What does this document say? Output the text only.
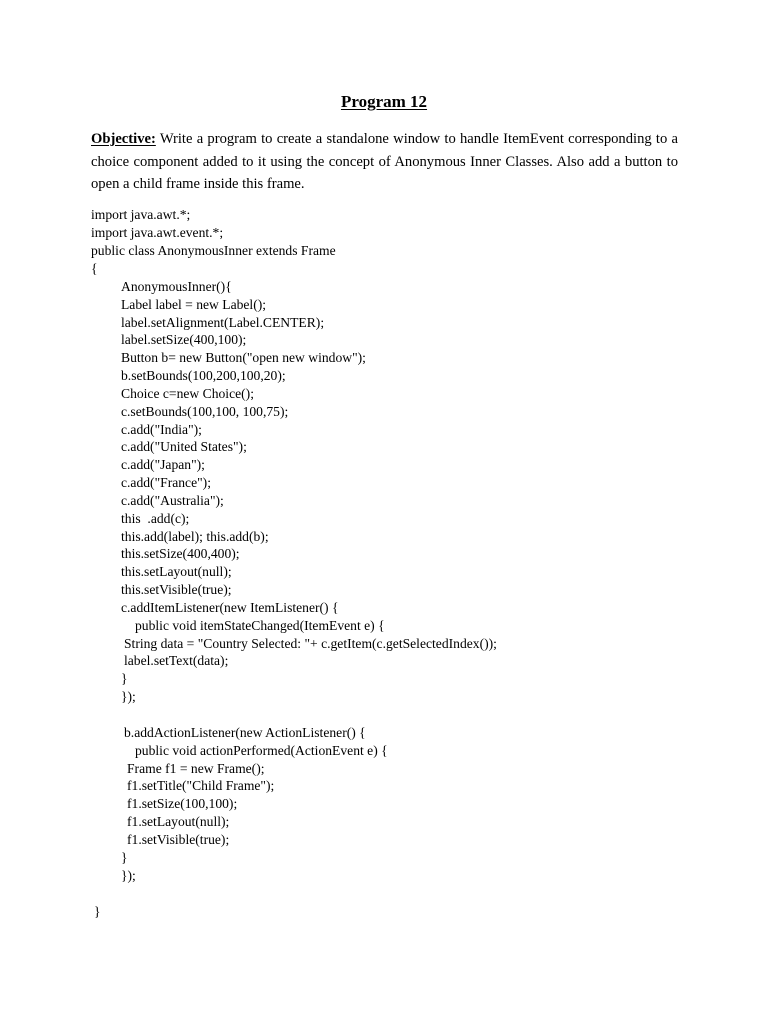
Program 12

Objective: Write a program to create a standalone window to handle ItemEvent corresponding to a choice component added to it using the concept of Anonymous Inner Classes. Also add a button to open a child frame inside this frame.

import java.awt.*;
import java.awt.event.*;
public class AnonymousInner extends Frame
{
AnonymousInner(){
Label label = new Label();
label.setAlignment(Label.CENTER);
label.setSize(400,100);
Button b= new Button("open new window");
b.setBounds(100,200,100,20);
Choice c=new Choice();
c.setBounds(100,100, 100,75);
c.add("India");
c.add("United States");
c.add("Japan");
c.add("France");
c.add("Australia");
this  .add(c);
this.add(label); this.add(b);
this.setSize(400,400);
this.setLayout(null);
this.setVisible(true);
c.addItemListener(new ItemListener() {
public void itemStateChanged(ItemEvent e) {
String data = "Country Selected: "+ c.getItem(c.getSelectedIndex());
label.setText(data);
}
});
b.addActionListener(new ActionListener() {
public void actionPerformed(ActionEvent e) {
Frame f1 = new Frame();
f1.setTitle("Child Frame");
f1.setSize(100,100);
f1.setLayout(null);
f1.setVisible(true);
}
});
}
